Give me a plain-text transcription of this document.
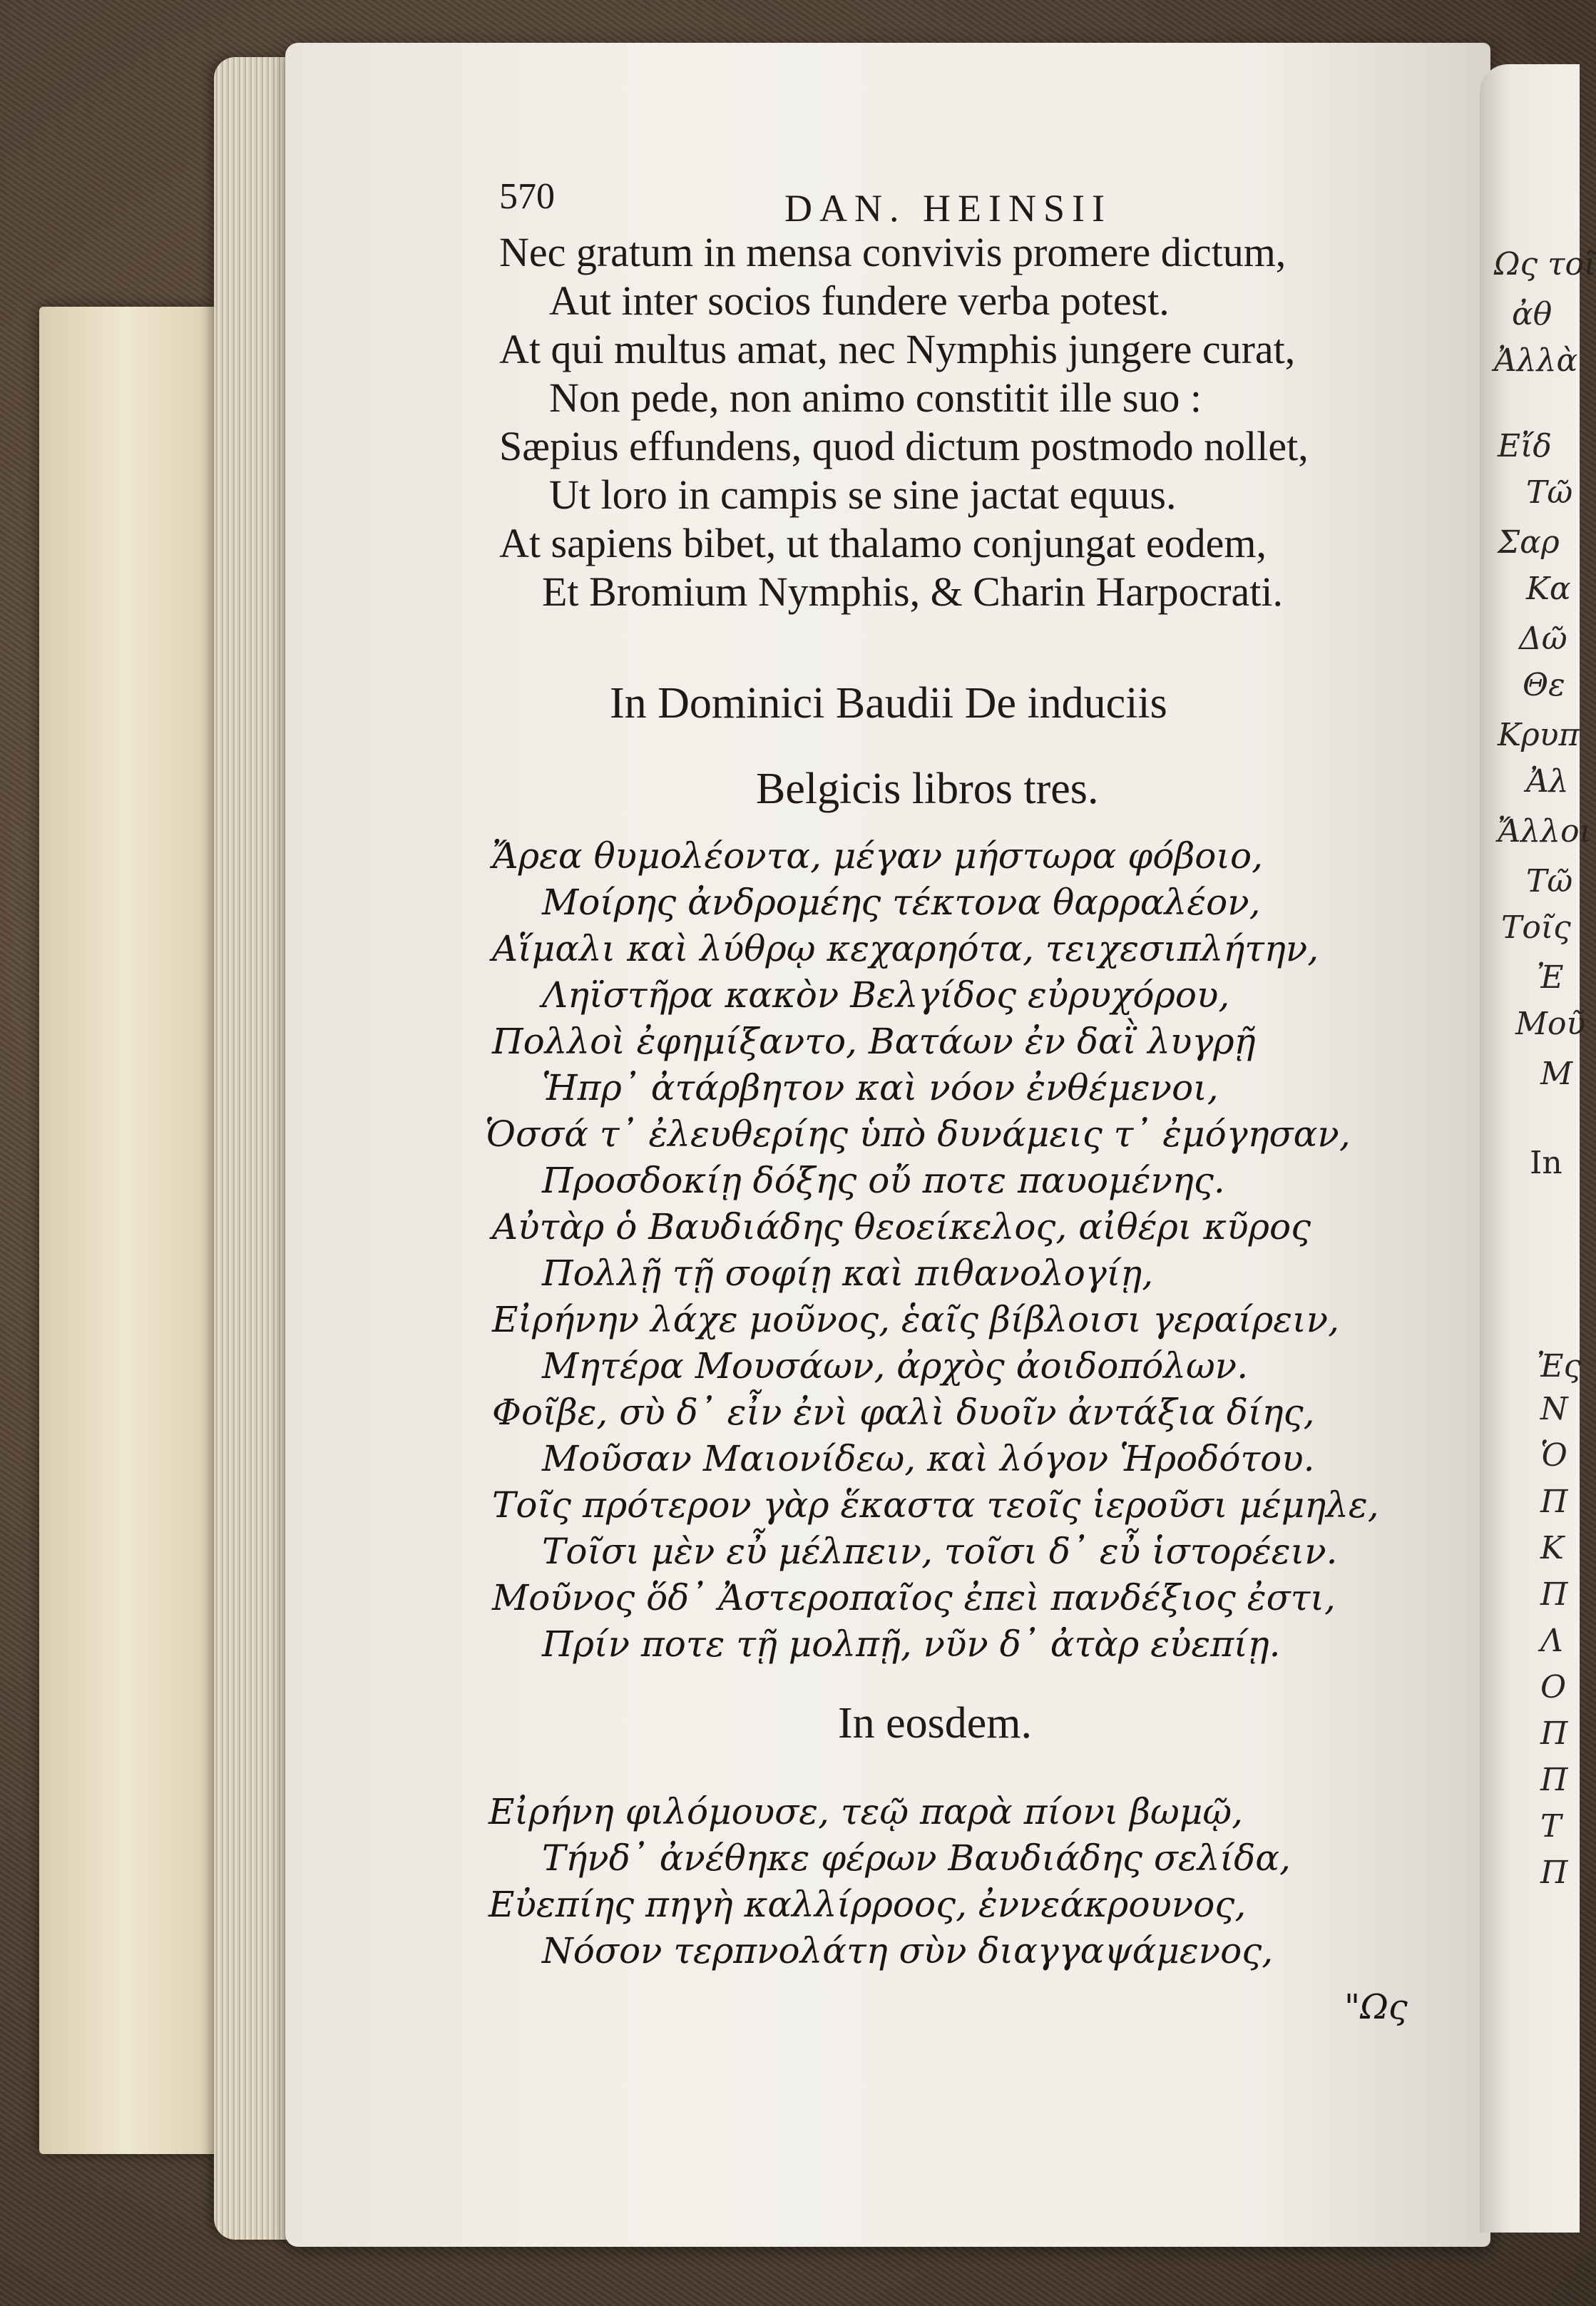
570	DAN. HEINSII
Nec gratum in mensa convivis promere dictum,
Aut inter socios fundere verba potest.
At qui multus amat, nec Nymphis jungere curat,
Non pede, non animo constitit ille suo :
Sæpius effundens, quod dictum postmodo nollet,
Ut loro in campis se sine jactat equus.
At sapiens bibet, ut thalamo conjungat eodem,
Et Bromium Nymphis, & Charin Harpocrati.
In Dominici Baudii De induciis
Belgicis libros tres.
Ἄρεα θυμολέοντα, μέγαν μήστωρα φόβοιο,
Μοίρης ἀνδρομέης τέκτονα θαρραλέον,
Αἵμαλι καὶ λύθρῳ κεχαρηότα, τειχεσιπλήτην,
Ληϊστῆρα κακὸν Βελγίδος εὐρυχόρου,
Πολλοὶ ἐφημίξαντο, Βατάων ἐν δαῒ λυγρῇ
Ἡπρ᾽ ἀτάρβητον καὶ νόον ἐνθέμενοι,
Ὁσσά τ᾽ ἐλευθερίης ὑπὸ δυνάμεις τ᾽ ἐμόγησαν,
Προσδοκίῃ δόξης οὔ ποτε παυομένης.
Αὐτὰρ ὁ Βαυδιάδης θεοείκελος, αἰθέρι κῦρος
Πολλῇ τῇ σοφίῃ καὶ πιθανολογίῃ,
Εἰρήνην λάχε μοῦνος, ἑαῖς βίβλοισι γεραίρειν,
Μητέρα Μουσάων, ἀρχὸς ἀοιδοπόλων.
Φοῖβε, σὺ δ᾽ εἶν ἐνὶ φαλὶ δυοῖν ἀντάξια δίης,
Μοῦσαν Μαιονίδεω, καὶ λόγον Ἡροδότου.
Τοῖς πρότερον γὰρ ἕκαστα τεοῖς ἱεροῦσι μέμηλε,
Τοῖσι μὲν εὖ μέλπειν, τοῖσι δ᾽ εὖ ἱστορέειν.
Μοῦνος ὅδ᾽ Ἀστεροπαῖος ἐπεὶ πανδέξιος ἐστι,
Πρίν ποτε τῇ μολπῇ, νῦν δ᾽ ἀτὰρ εὐεπίῃ.
In eosdem.
Εἰρήνη φιλόμουσε, τεῷ παρὰ πίονι βωμῷ,
Τήνδ᾽ ἀνέθηκε φέρων Βαυδιάδης σελίδα,
Εὐεπίης πηγὴ καλλίρροος, ἐννεάκρουνος,
Νόσον τερπνολάτη σὺν διαγγαψάμενος,
"Ως
Ως τοῖ
ἀθ
Ἀλλὰ
Εἴδ
Τῶ
Σαρ
Κα
Δῶ
Θε
Κρυπ
Ἀλ
Ἄλλοι
Τῶ
Τοῖς
Ἐ
Μοῦ
Μ
In
Ἐς
Ν
Ὁ
Π
Κ
Π
Λ
Ο
Π
Π
Τ
Π
